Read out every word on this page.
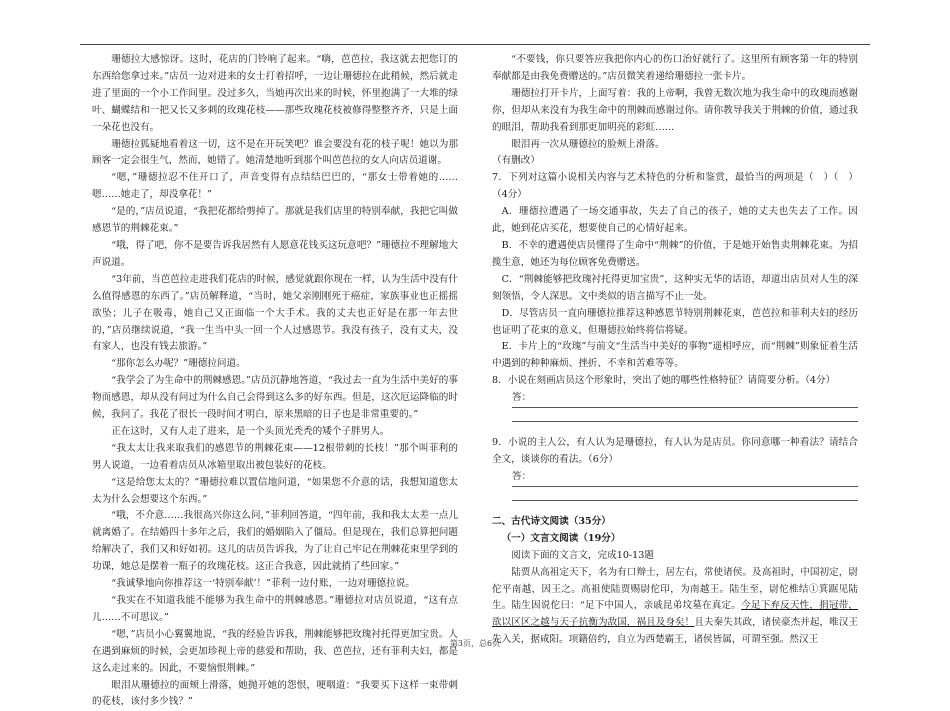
珊德拉大感惊讶。这时，花店的门铃响了起来。“嗨，芭芭拉，我这就去把您订的东西给您拿过来。”店员一边对进来的女士打着招呼，一边让珊德拉在此稍候，然后就走进了里面的一个小工作间里。没过多久，当她再次出来的时候，怀里抱满了一大堆的绿叶、蝴蝶结和一把又长又多刺的玫瑰花枝——那些玫瑰花枝被修得整整齐齐，只是上面一朵花也没有。

珊德拉狐疑地看着这一切，这不是在开玩笑吧？谁会要没有花的枝子呢！她以为那顾客一定会很生气，然而，她错了。她清楚地听到那个叫芭芭拉的女人向店员道谢。

“嗯，”珊德拉忍不住开口了，声音变得有点结结巴巴的，“那女士带着她的……嗯……她走了，却没拿花！”

“是的，”店员说道，“我把花都给剪掉了。那就是我们店里的特别奉献，我把它叫做感恩节的荆棘花束。”

“哦，得了吧，你不是要告诉我居然有人愿意花钱买这玩意吧？”珊德拉不理解地大声说道。

“3年前，当芭芭拉走进我们花店的时候，感觉就跟你现在一样，认为生活中没有什么值得感恩的东西了。”店员解释道，“当时，她父亲刚刚死于癌症，家族事业也正摇摇欲坠；儿子在吸毒，她自己又正面临一个大手术。我的丈夫也正好是在那一年去世的，”店员继续说道，“我一生当中头一回一个人过感恩节。我没有孩子，没有丈夫，没有家人，也没有钱去旅游。”

“那你怎么办呢？”珊德拉问道。

“我学会了为生命中的荆棘感恩。”店员沉静地答道，“我过去一直为生活中美好的事物而感恩，却从没有问过为什么自己会得到这么多的好东西。但是，这次厄运降临的时候，我问了。我花了很长一段时间才明白，原来黑暗的日子也是非常重要的。”

正在这时，又有人走了进来，是一个头顶光秃秃的矮个子胖男人。

“我太太让我来取我们的感恩节的荆棘花束——12根带刺的长枝！”那个叫菲利的男人说道，一边看着店员从冰箱里取出被包装好的花枝。

“这是给您太太的？”珊德拉难以置信地问道，“如果您不介意的话，我想知道您太太为什么会想要这个东西。”

“哦，不介意……我很高兴你这么问，”菲利回答道，“四年前，我和我太太差一点儿就离婚了。在结婚四十多年之后，我们的婚姻陷入了僵局。但是现在，我们总算把问题给解决了，我们又和好如初。这儿的店员告诉我，为了让自己牢记在荆棘花束里学到的功课，她总是摆着一瓶子的玫瑰花枝。这正合我意，因此就捎了些回家。”

“我诚挚地向你推荐这一‘特别奉献’！”菲利一边付账，一边对珊德拉说。

“我实在不知道我能不能够为我生命中的荆棘感恩。”珊德拉对店员说道，“这有点儿……不可思议。”

“嗯，”店员小心翼翼地说，“我的经验告诉我，荆棘能够把玫瑰衬托得更加宝贵。人在遇到麻烦的时候，会更加珍视上帝的慈爱和帮助，我、芭芭拉，还有菲利夫妇，都是这么走过来的。因此，不要恼恨荆棘。”

眼泪从珊德拉的面颊上滑落，她抛开她的怨恨，哽咽道：“我要买下这样一束带刺的花枝，该付多少钱？”

“不要钱，你只要答应我把你内心的伤口治好就行了。这里所有顾客第一年的特别奉献都是由我免费赠送的。”店员微笑着递给珊德拉一张卡片。

珊德拉打开卡片，上面写着：我的上帝啊，我曾无数次地为我生命中的玫瑰而感谢你，但却从来没有为我生命中的荆棘而感谢过你。请你教导我关于荆棘的价值，通过我的眼泪，帮助我看到那更加明亮的彩虹……

眼泪再一次从珊德拉的脸颊上滑落。

（有删改）

7．下列对这篇小说相关内容与艺术特色的分析和鉴赏，最恰当的两项是（　）（　）（4分）

A．珊德拉遭遇了一场交通事故，失去了自己的孩子，她的丈夫也失去了工作。因此，她到花店买花，想要使自己的心情好起来。

B．不幸的遭遇使店员懂得了生命中“荆棘”的价值，于是她开始售卖荆棘花束。为招揽生意，她还为每位顾客免费赠送。

C．“荆棘能够把玫瑰衬托得更加宝贵”，这种实无华的话语，却道出店员对人生的深刻领悟，令人深思。文中类似的语言描写不止一处。

D．尽管店员一直向珊德拉推荐这种感恩节特别荆棘花束，芭芭拉和菲利夫妇的经历也证明了花束的意义，但珊德拉始终将信将疑。

E．卡片上的“玫瑰”与前文“生活当中美好的事物”遥相呼应，而“荆棘”则象征着生活中遇到的种种麻烦、挫折、不幸和苦难等等。

8．小说在刻画店员这个形象时，突出了她的哪些性格特征？请简要分析。（4分）

答：

9．小说的主人公，有人认为是珊德拉，有人认为是店员。你同意哪一种看法？请结合全文，谈谈你的看法。（6分）

答：

二、古代诗文阅读（35分）

（一）文言文阅读（19分）

阅读下面的文言文，完成10-13题

陆贾从高祖定天下，名为有口辩士，居左右，常使诸侯。及高祖时，中国初定，尉佗平南越，因王之。高祖使陆贾赐尉佗印，为南越王。陆生至，尉佗椎结①箕踞见陆生。陆生因说佗曰：“足下中国人，亲戚昆弟坟墓在真定。今足下弃反天性，捐冠带，欲以区区之越与天子抗衡为敌国，祸且及身矣！且夫秦失其政，诸侯豪杰并起，唯汉王先入关，据咸阳。项籍倍约，自立为西楚霸王，诸侯皆属，可谓至强。然汉王

第3页，总6页
